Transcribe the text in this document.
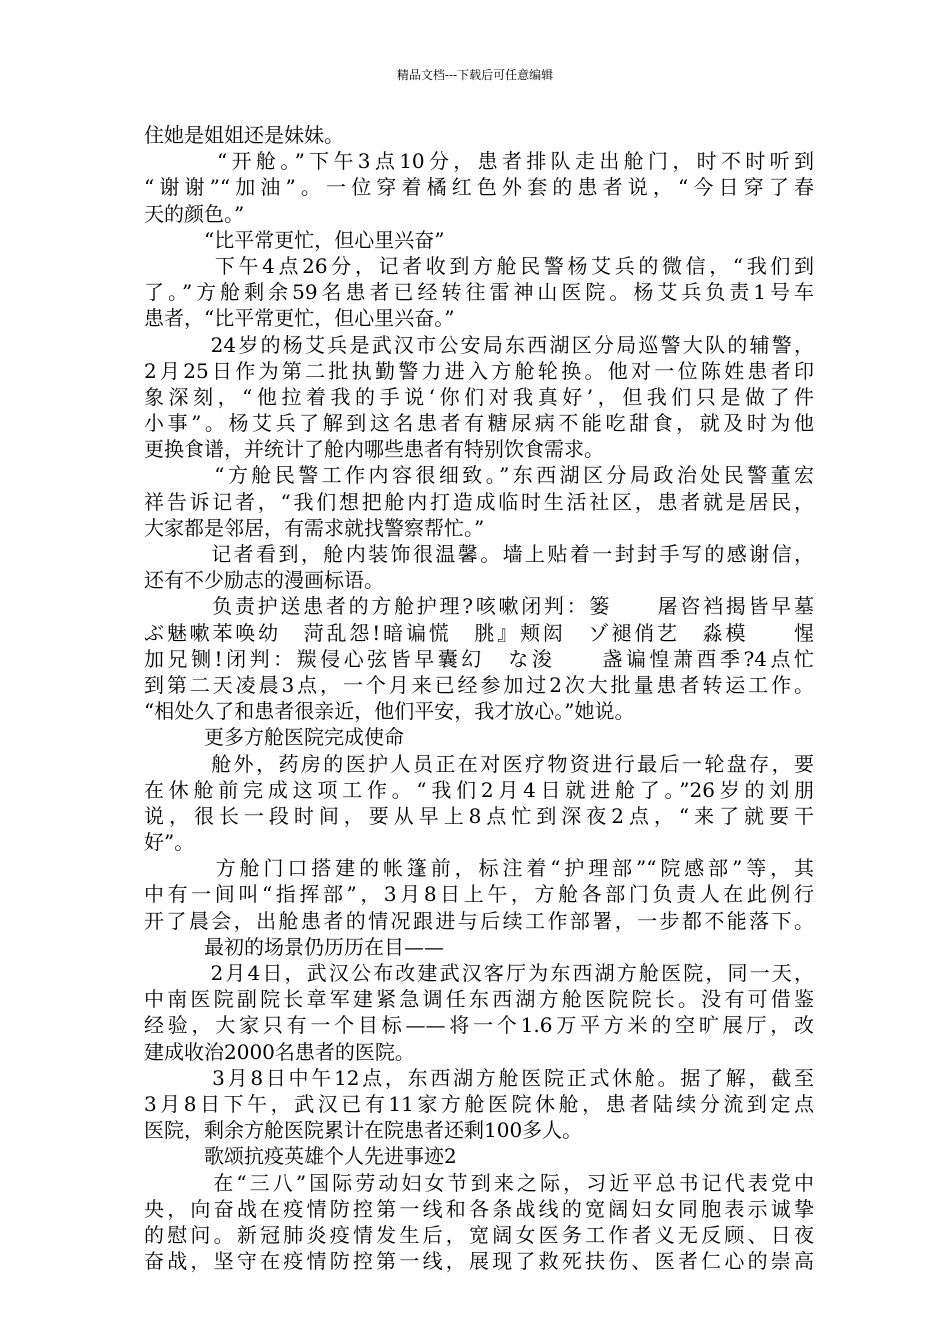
精品文档---下载后可任意编辑
住她是姐姐还是妹妹。
　　　“开舱。”下午3点10分，患者排队走出舱门，时不时听到
“谢谢”“加油”。一位穿着橘红色外套的患者说，“今日穿了春
天的颜色。”
　　　“比平常更忙，但心里兴奋”
　　　下午4点26分，记者收到方舱民警杨艾兵的微信，“我们到
了。”方舱剩余59名患者已经转往雷神山医院。杨艾兵负责1号车
患者，“比平常更忙，但心里兴奋。”
　　　24岁的杨艾兵是武汉市公安局东西湖区分局巡警大队的辅警，
2月25日作为第二批执勤警力进入方舱轮换。他对一位陈姓患者印
象深刻，“他拉着我的手说‘你们对我真好’，但我们只是做了件
小事”。杨艾兵了解到这名患者有糖尿病不能吃甜食，就及时为他
更换食谱，并统计了舱内哪些患者有特别饮食需求。
　　　“方舱民警工作内容很细致。”东西湖区分局政治处民警董宏
祥告诉记者，“我们想把舱内打造成临时生活社区，患者就是居民，
大家都是邻居，有需求就找警察帮忙。”
　　　记者看到，舱内装饰很温馨。墙上贴着一封封手写的感谢信，
还有不少励志的漫画标语。
　　　负责护送患者的方舱护理?咳嗽闭判：篓　　屠咨裆揭皆早墓
ぶ魅嗽苯唤幼　菏乱怨!暗谝慌　朓』颊闳　ゾ褪俏艺　淼模　　惺
加兄铡!闭判：羰侵心弦皆早囊幻　な浚　　盏谝惶萧酉季?4点忙
到第二天凌晨3点，一个月来已经参加过2次大批量患者转运工作。
“相处久了和患者很亲近，他们平安，我才放心。”她说。
　　　更多方舱医院完成使命
　　　舱外，药房的医护人员正在对医疗物资进行最后一轮盘存，要
在休舱前完成这项工作。“我们2月4日就进舱了。”26岁的刘朋
说，很长一段时间，要从早上8点忙到深夜2点，“来了就要干
好”。
　　　方舱门口搭建的帐篷前，标注着“护理部”“院感部”等，其
中有一间叫“指挥部”，3月8日上午，方舱各部门负责人在此例行
开了晨会，出舱患者的情况跟进与后续工作部署，一步都不能落下。
　　　最初的场景仍历历在目——
　　　2月4日，武汉公布改建武汉客厅为东西湖方舱医院，同一天，
中南医院副院长章军建紧急调任东西湖方舱医院院长。没有可借鉴
经验，大家只有一个目标——将一个1.6万平方米的空旷展厅，改
建成收治2000名患者的医院。
　　　3月8日中午12点，东西湖方舱医院正式休舱。据了解，截至
3月8日下午，武汉已有11家方舱医院休舱，患者陆续分流到定点
医院，剩余方舱医院累计在院患者还剩100多人。
　　　歌颂抗疫英雄个人先进事迹2
　　　在“三八”国际劳动妇女节到来之际，习近平总书记代表党中
央，向奋战在疫情防控第一线和各条战线的宽阔妇女同胞表示诚挚
的慰问。新冠肺炎疫情发生后，宽阔女医务工作者义无反顾、日夜
奋战，坚守在疫情防控第一线，展现了救死扶伤、医者仁心的崇高
